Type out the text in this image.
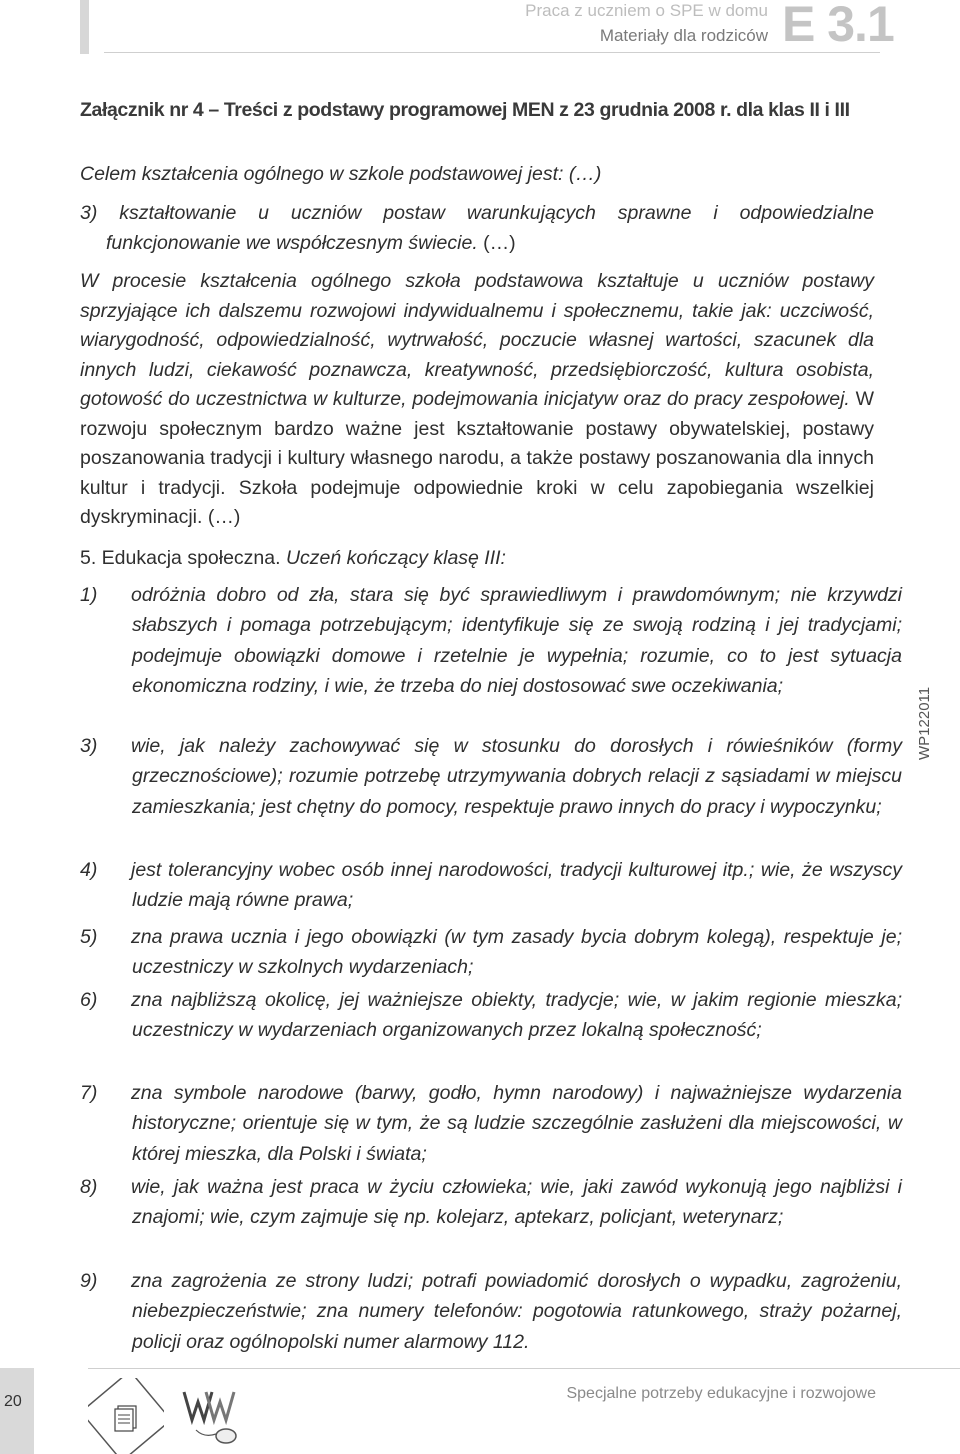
Praca z uczniem o SPE w domu
Materiały dla rodziców E 3.1
Załącznik nr 4 – Treści z podstawy programowej MEN z 23 grudnia 2008 r. dla klas II i III
Celem kształcenia ogólnego w szkole podstawowej jest: (…)
3) kształtowanie u uczniów postaw warunkujących sprawne i odpowiedzialne funkcjonowanie we współczesnym świecie. (…)
W procesie kształcenia ogólnego szkoła podstawowa kształtuje u uczniów postawy sprzyjające ich dalszemu rozwojowi indywidualnemu i społecznemu, takie jak: uczciwość, wiarygodność, odpowiedzialność, wytrwałość, poczucie własnej wartości, szacunek dla innych ludzi, ciekawość poznawcza, kreatywność, przedsiębiorczość, kultura osobista, gotowość do uczestnictwa w kulturze, podejmowania inicjatyw oraz do pracy zespołowej. W rozwoju społecznym bardzo ważne jest kształtowanie postawy obywatelskiej, postawy poszanowania tradycji i kultury własnego narodu, a także postawy poszanowania dla innych kultur i tradycji. Szkoła podejmuje odpowiednie kroki w celu zapobiegania wszelkiej dyskryminacji. (…)
5. Edukacja społeczna. Uczeń kończący klasę III:
1) odróżnia dobro od zła, stara się być sprawiedliwym i prawdomównym; nie krzywdzi słabszych i pomaga potrzebującym; identyfikuje się ze swoją rodziną i jej tradycjami; podejmuje obowiązki domowe i rzetelnie je wypełnia; rozumie, co to jest sytuacja ekonomiczna rodziny, i wie, że trzeba do niej dostosować swe oczekiwania;
3) wie, jak należy zachowywać się w stosunku do dorosłych i rówieśników (formy grzecznościowe); rozumie potrzebę utrzymywania dobrych relacji z sąsiadami w miejscu zamieszkania; jest chętny do pomocy, respektuje prawo innych do pracy i wypoczynku;
4) jest tolerancyjny wobec osób innej narodowości, tradycji kulturowej itp.; wie, że wszyscy ludzie mają równe prawa;
5) zna prawa ucznia i jego obowiązki (w tym zasady bycia dobrym kolegą), respektuje je; uczestniczy w szkolnych wydarzeniach;
6) zna najbliższą okolicę, jej ważniejsze obiekty, tradycje; wie, w jakim regionie mieszka; uczestniczy w wydarzeniach organizowanych przez lokalną społeczność;
7) zna symbole narodowe (barwy, godło, hymn narodowy) i najważniejsze wydarzenia historyczne; orientuje się w tym, że są ludzie szczególnie zasłużeni dla miejscowości, w której mieszka, dla Polski i świata;
8) wie, jak ważna jest praca w życiu człowieka; wie, jaki zawód wykonują jego najbliżsi i znajomi; wie, czym zajmuje się np. kolejarz, aptekarz, policjant, weterynarz;
9) zna zagrożenia ze strony ludzi; potrafi powiadomić dorosłych o wypadku, zagrożeniu, niebezpieczeństwie; zna numery telefonów: pogotowia ratunkowego, straży pożarnej, policji oraz ogólnopolski numer alarmowy 112.
WP122011
20	Specjalne potrzeby edukacyjne i rozwojowe
